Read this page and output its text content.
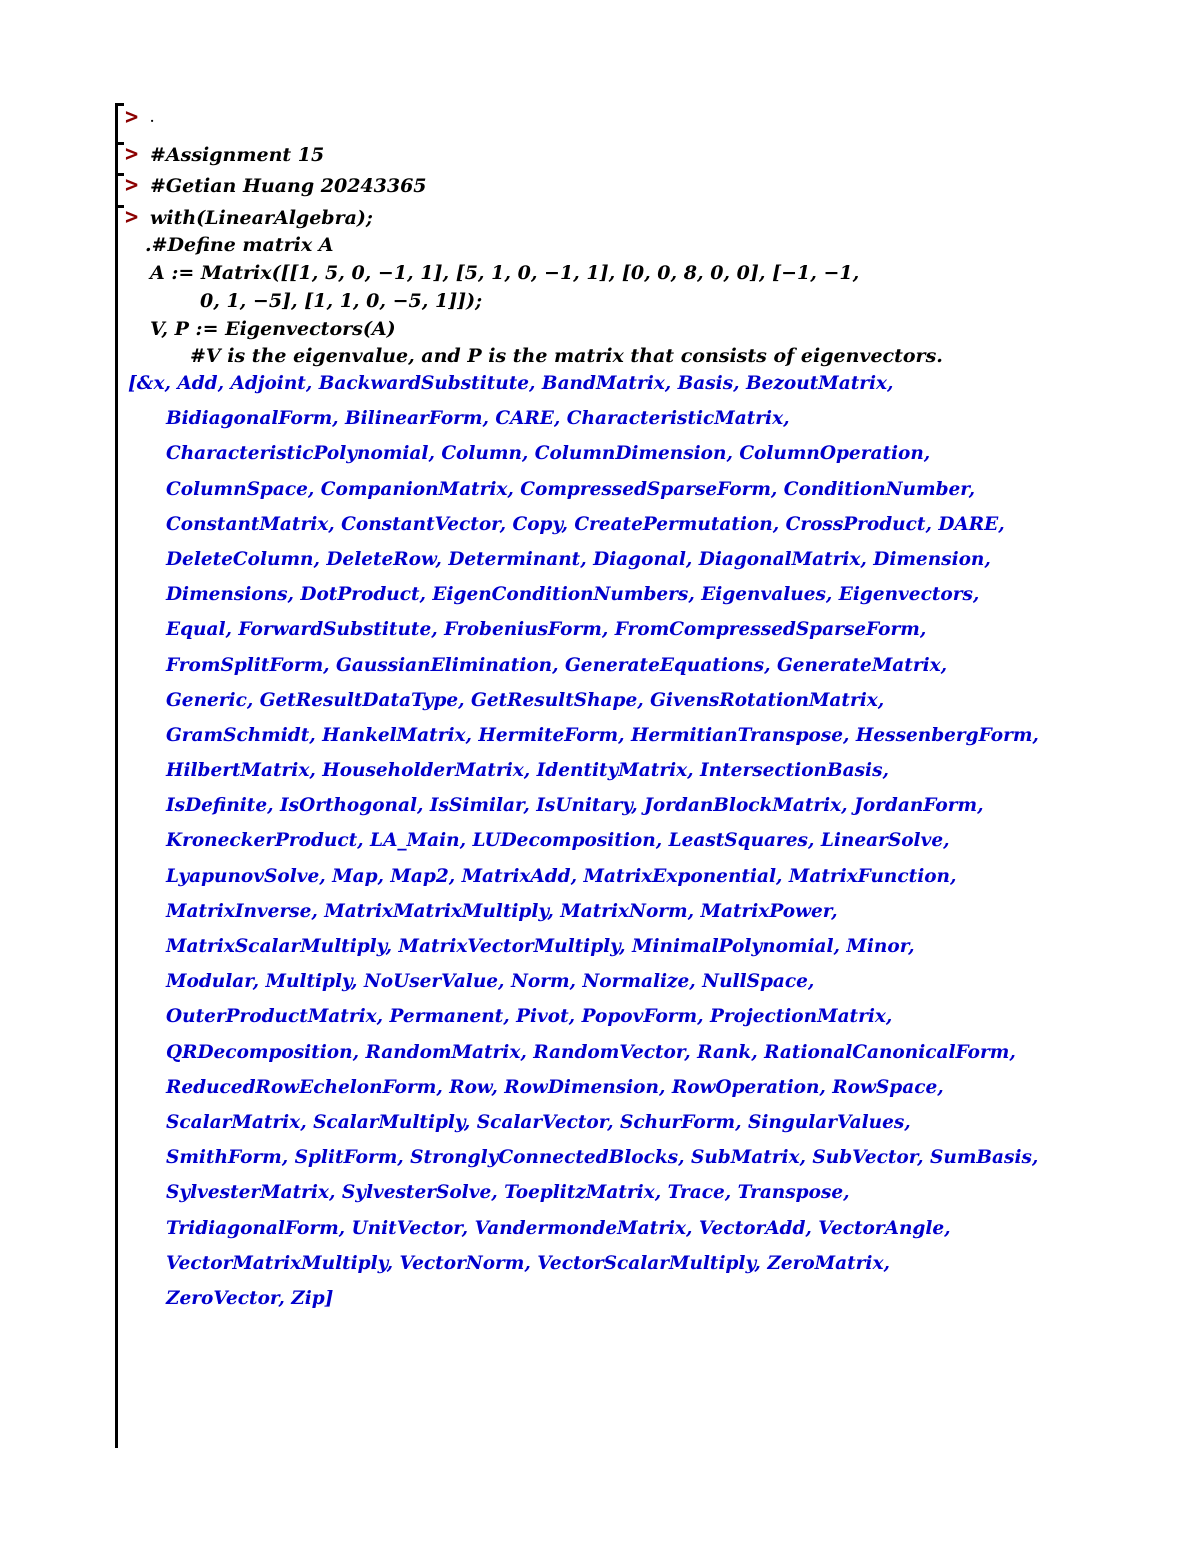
> .
> #Assignment 15
> #Getian Huang 20243365
> with(LinearAlgebra);
.#Define matrix A
A := Matrix([[1, 5, 0, −1, 1], [5, 1, 0, −1, 1], [0, 0, 8, 0, 0], [−1, −1,
0, 1, −5], [1, 1, 0, −5, 1]]);
V, P := Eigenvectors(A)
#V is the eigenvalue, and P is the matrix that consists of eigenvectors.
[&x, Add, Adjoint, BackwardSubstitute, BandMatrix, Basis, BezoutMatrix,
BidiagonalForm, BilinearForm, CARE, CharacteristicMatrix,
CharacteristicPolynomial, Column, ColumnDimension, ColumnOperation,
ColumnSpace, CompanionMatrix, CompressedSparseForm, ConditionNumber,
ConstantMatrix, ConstantVector, Copy, CreatePermutation, CrossProduct, DARE,
DeleteColumn, DeleteRow, Determinant, Diagonal, DiagonalMatrix, Dimension,
Dimensions, DotProduct, EigenConditionNumbers, Eigenvalues, Eigenvectors,
Equal, ForwardSubstitute, FrobeniusForm, FromCompressedSparseForm,
FromSplitForm, GaussianElimination, GenerateEquations, GenerateMatrix,
Generic, GetResultDataType, GetResultShape, GivensRotationMatrix,
GramSchmidt, HankelMatrix, HermiteForm, HermitianTranspose, HessenbergForm,
HilbertMatrix, HouseholderMatrix, IdentityMatrix, IntersectionBasis,
IsDefinite, IsOrthogonal, IsSimilar, IsUnitary, JordanBlockMatrix, JordanForm,
KroneckerProduct, LA_Main, LUDecomposition, LeastSquares, LinearSolve,
LyapunovSolve, Map, Map2, MatrixAdd, MatrixExponential, MatrixFunction,
MatrixInverse, MatrixMatrixMultiply, MatrixNorm, MatrixPower,
MatrixScalarMultiply, MatrixVectorMultiply, MinimalPolynomial, Minor,
Modular, Multiply, NoUserValue, Norm, Normalize, NullSpace,
OuterProductMatrix, Permanent, Pivot, PopovForm, ProjectionMatrix,
QRDecomposition, RandomMatrix, RandomVector, Rank, RationalCanonicalForm,
ReducedRowEchelonForm, Row, RowDimension, RowOperation, RowSpace,
ScalarMatrix, ScalarMultiply, ScalarVector, SchurForm, SingularValues,
SmithForm, SplitForm, StronglyConnectedBlocks, SubMatrix, SubVector, SumBasis,
SylvesterMatrix, SylvesterSolve, ToeplitzMatrix, Trace, Transpose,
TridiagonalForm, UnitVector, VandermondeMatrix, VectorAdd, VectorAngle,
VectorMatrixMultiply, VectorNorm, VectorScalarMultiply, ZeroMatrix,
ZeroVector, Zip]
